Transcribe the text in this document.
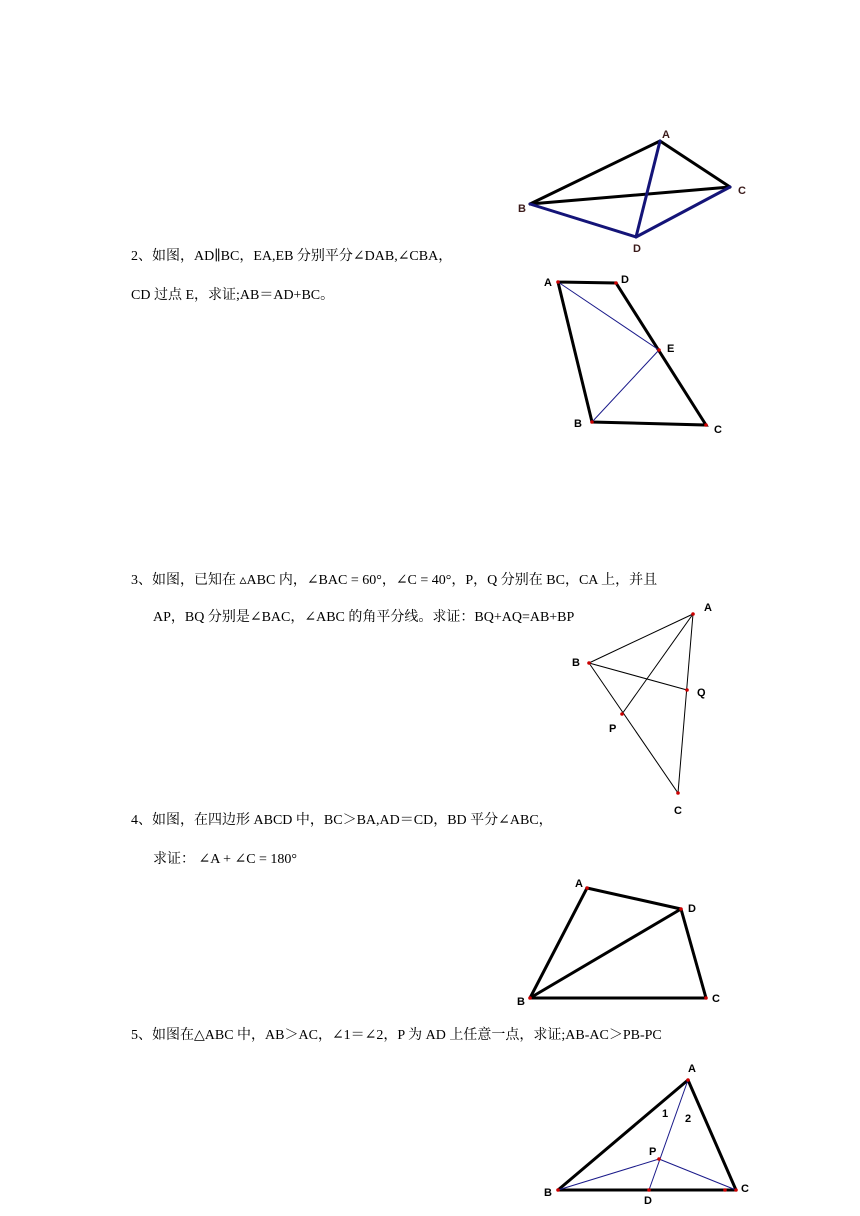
A
C
B
D
2、如图，AD∥BC，EA,EB 分别平分∠DAB,∠CBA，
CD 过点 E，求证;AB＝AD+BC。
A	D
E
B	C
3、如图，已知在 ▵ABC 内，∠BAC = 60°，∠C = 40°，P，Q 分别在 BC，CA 上，并且
AP，BQ 分别是∠BAC，∠ABC 的角平分线。求证：BQ+AQ=AB+BP
A
B
Q
P
C
4、如图，在四边形 ABCD 中，BC＞BA,AD＝CD，BD 平分∠ABC，
求证： ∠A + ∠C = 180°
A
D
B	C
5、如图在△ABC 中，AB＞AC，∠1＝∠2，P 为 AD 上任意一点，求证;AB-AC＞PB-PC
A
1 2
P
B
D
C
